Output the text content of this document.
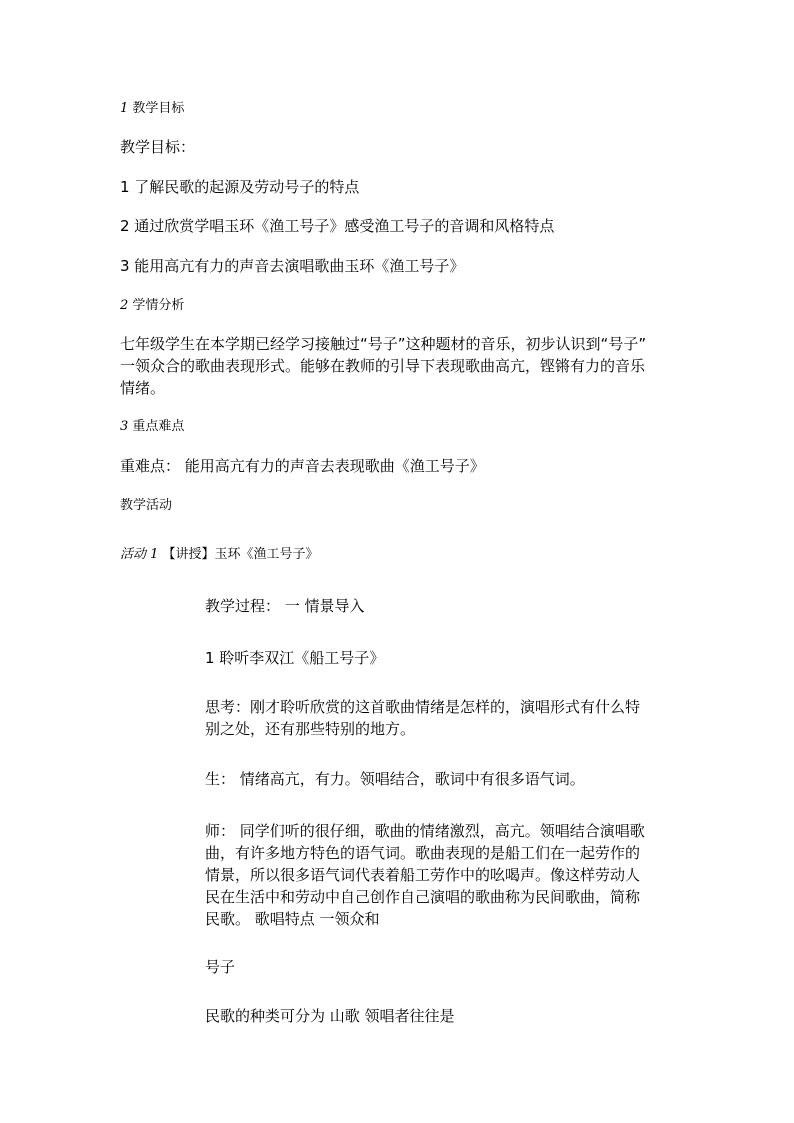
1 教学目标
教学目标：
1 了解民歌的起源及劳动号子的特点
2 通过欣赏学唱玉环《渔工号子》感受渔工号子的音调和风格特点
3 能用高亢有力的声音去演唱歌曲玉环《渔工号子》
2 学情分析
七年级学生在本学期已经学习接触过“号子”这种题材的音乐，初步认识到“号子”
一领众合的歌曲表现形式。能够在教师的引导下表现歌曲高亢，铿锵有力的音乐
情绪。
3 重点难点
重难点： 能用高亢有力的声音去表现歌曲《渔工号子》
教学活动
活动 1 【讲授】玉环《渔工号子》
教学过程： 一 情景导入
1 聆听李双江《船工号子》
思考：刚才聆听欣赏的这首歌曲情绪是怎样的，演唱形式有什么特
别之处，还有那些特别的地方。
生： 情绪高亢，有力。领唱结合，歌词中有很多语气词。
师： 同学们听的很仔细，歌曲的情绪激烈，高亢。领唱结合演唱歌
曲，有许多地方特色的语气词。歌曲表现的是船工们在一起劳作的
情景，所以很多语气词代表着船工劳作中的吆喝声。像这样劳动人
民在生活中和劳动中自己创作自己演唱的歌曲称为民间歌曲，简称
民歌。 歌唱特点 一领众和
号子
民歌的种类可分为 山歌 领唱者往往是
